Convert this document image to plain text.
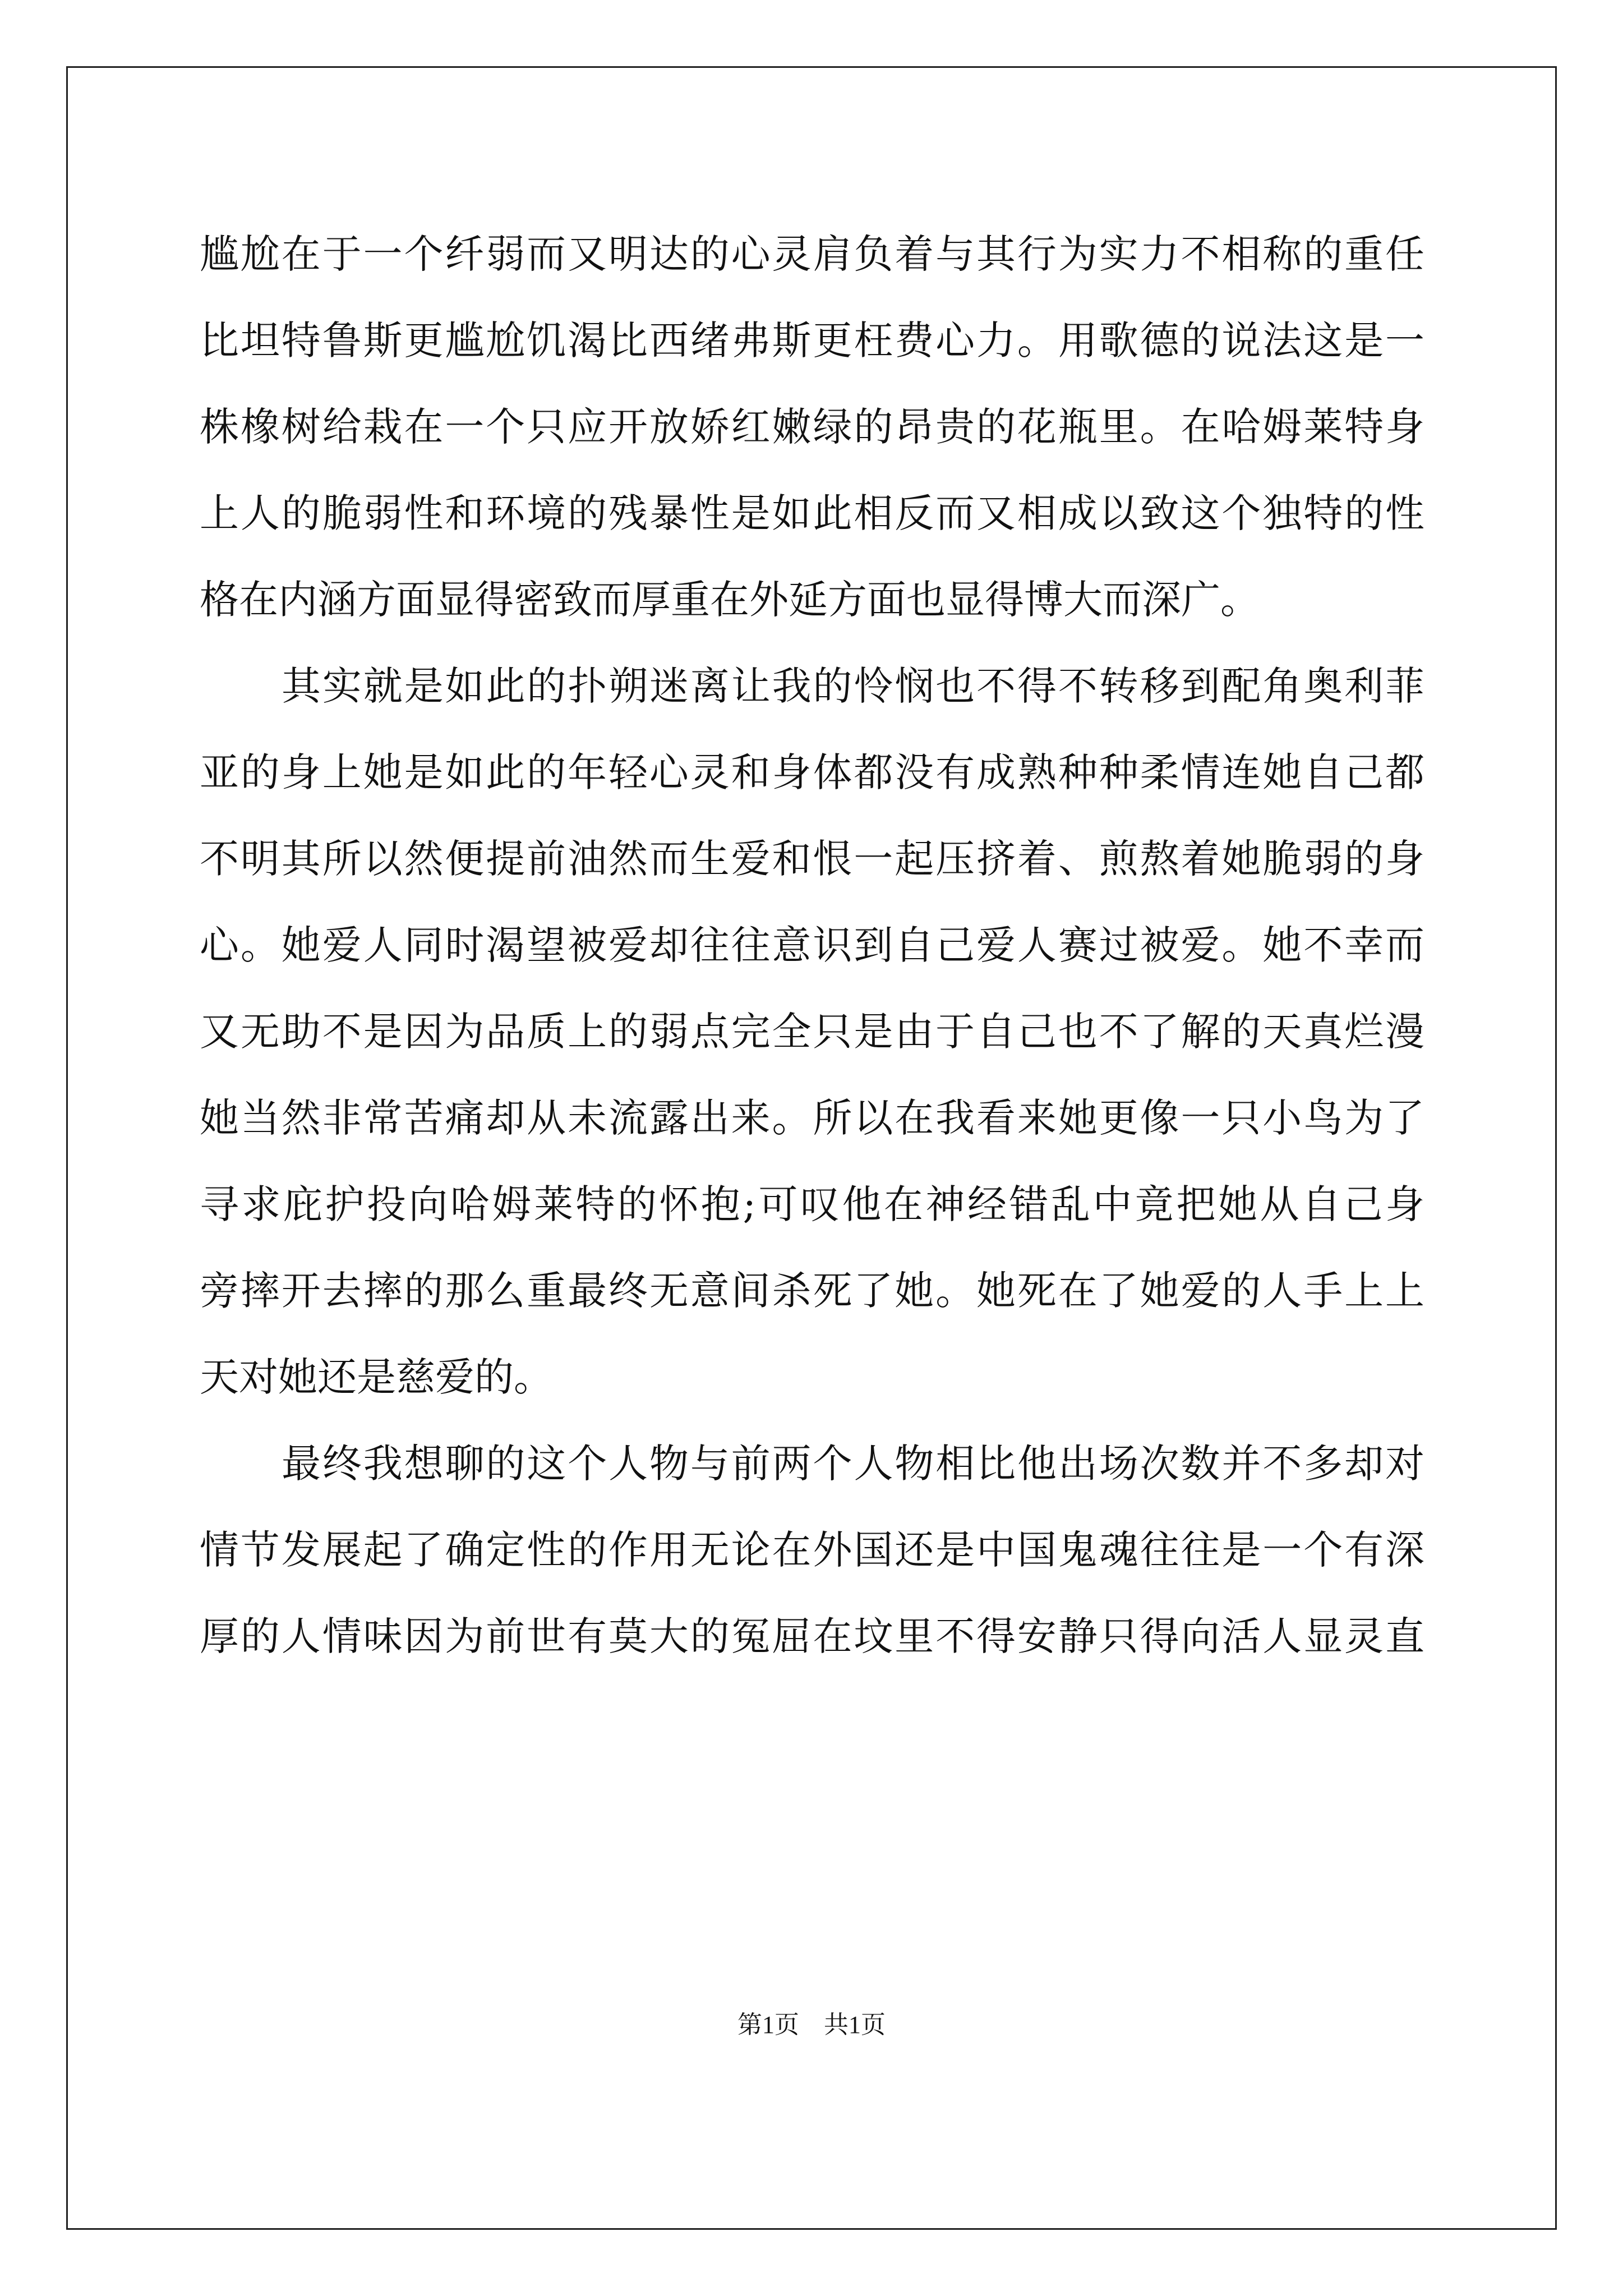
尴尬在于一个纤弱而又明达的心灵肩负着与其行为实力不相称的重任
比坦特鲁斯更尴尬饥渴比西绪弗斯更枉费心力。用歌德的说法这是一
株橡树给栽在一个只应开放娇红嫩绿的昂贵的花瓶里。在哈姆莱特身
上人的脆弱性和环境的残暴性是如此相反而又相成以致这个独特的性
格在内涵方面显得密致而厚重在外延方面也显得博大而深广。
其实就是如此的扑朔迷离让我的怜悯也不得不转移到配角奥利菲
亚的身上她是如此的年轻心灵和身体都没有成熟种种柔情连她自己都
不明其所以然便提前油然而生爱和恨一起压挤着、煎熬着她脆弱的身
心。她爱人同时渴望被爱却往往意识到自己爱人赛过被爱。她不幸而
又无助不是因为品质上的弱点完全只是由于自己也不了解的天真烂漫
她当然非常苦痛却从未流露出来。所以在我看来她更像一只小鸟为了
寻求庇护投向哈姆莱特的怀抱;可叹他在神经错乱中竟把她从自己身
旁摔开去摔的那么重最终无意间杀死了她。她死在了她爱的人手上上
天对她还是慈爱的。
最终我想聊的这个人物与前两个人物相比他出场次数并不多却对
情节发展起了确定性的作用无论在外国还是中国鬼魂往往是一个有深
厚的人情味因为前世有莫大的冤屈在坟里不得安静只得向活人显灵直
第1页　共1页
